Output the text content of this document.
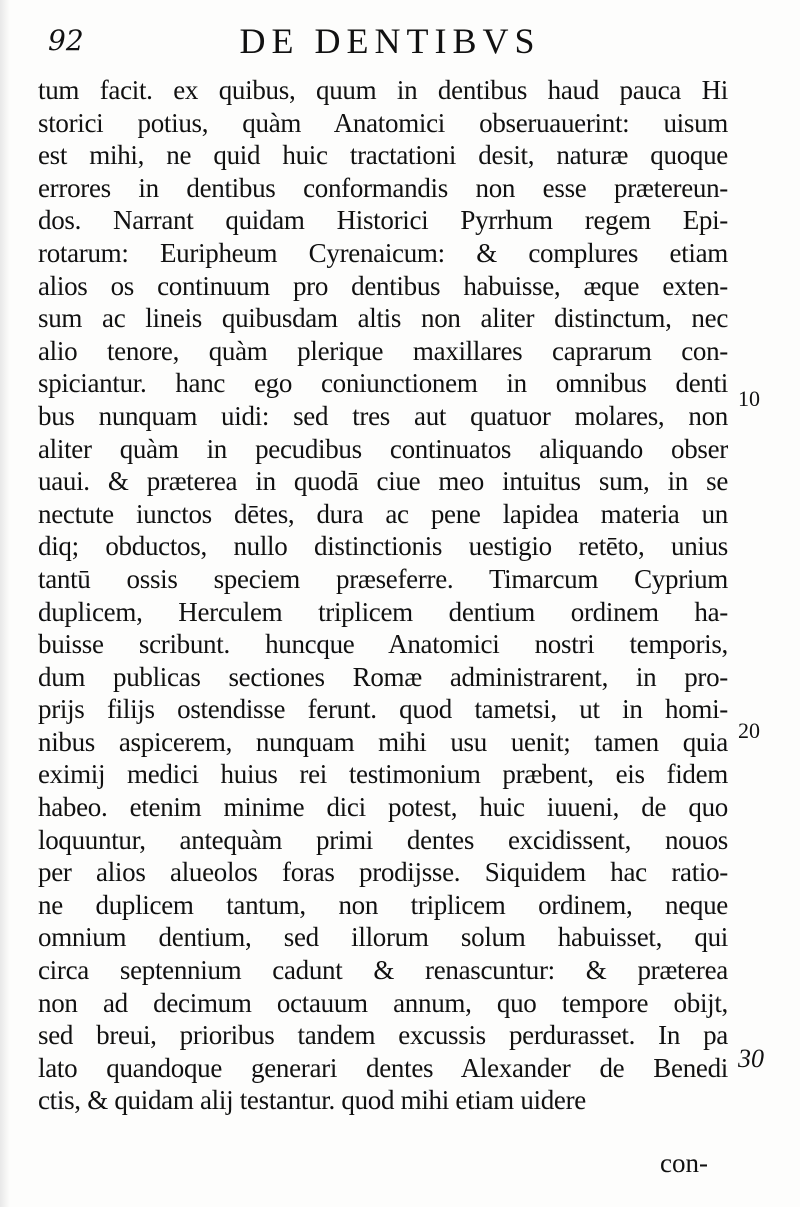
92	DE DENTIBVS
tum facit. ex quibus, quum in dentibus haud pauca Hi
storici potius, quàm Anatomici obseruauerint: uisum
est mihi, ne quid huic tractationi desit, naturæ quoque
errores in dentibus conformandis non esse prætereun-
dos. Narrant quidam Historici Pyrrhum regem Epi-
rotarum: Euripheum Cyrenaicum: & complures etiam
alios os continuum pro dentibus habuisse, æque exten-
sum ac lineis quibusdam altis non aliter distinctum, nec
alio tenore, quàm plerique maxillares caprarum con-
spiciantur. hanc ego coniunctionem in omnibus denti
bus nunquam uidi: sed tres aut quatuor molares, non
aliter quàm in pecudibus continuatos aliquando obser
uaui. & præterea in quodā ciue meo intuitus sum, in se
nectute iunctos dētes, dura ac pene lapidea materia un
diq; obductos, nullo distinctionis uestigio retēto, unius
tantū ossis speciem præseferre. Timarcum Cyprium
duplicem, Herculem triplicem dentium ordinem ha-
buisse scribunt. huncque Anatomici nostri temporis,
dum publicas sectiones Romæ administrarent, in pro-
prijs filijs ostendisse ferunt. quod tametsi, ut in homi-
nibus aspicerem, nunquam mihi usu uenit; tamen quia
eximij medici huius rei testimonium præbent, eis fidem
habeo. etenim minime dici potest, huic iuueni, de quo
loquuntur, antequàm primi dentes excidissent, nouos
per alios alueolos foras prodijsse. Siquidem hac ratio-
ne duplicem tantum, non triplicem ordinem, neque
omnium dentium, sed illorum solum habuisset, qui
circa septennium cadunt & renascuntur: & præterea
non ad decimum octauum annum, quo tempore obijt,
sed breui, prioribus tandem excussis perdurasset. In pa
lato quandoque generari dentes Alexander de Benedi
ctis, & quidam alij testantur. quod mihi etiam uidere
10
20
30
con-
